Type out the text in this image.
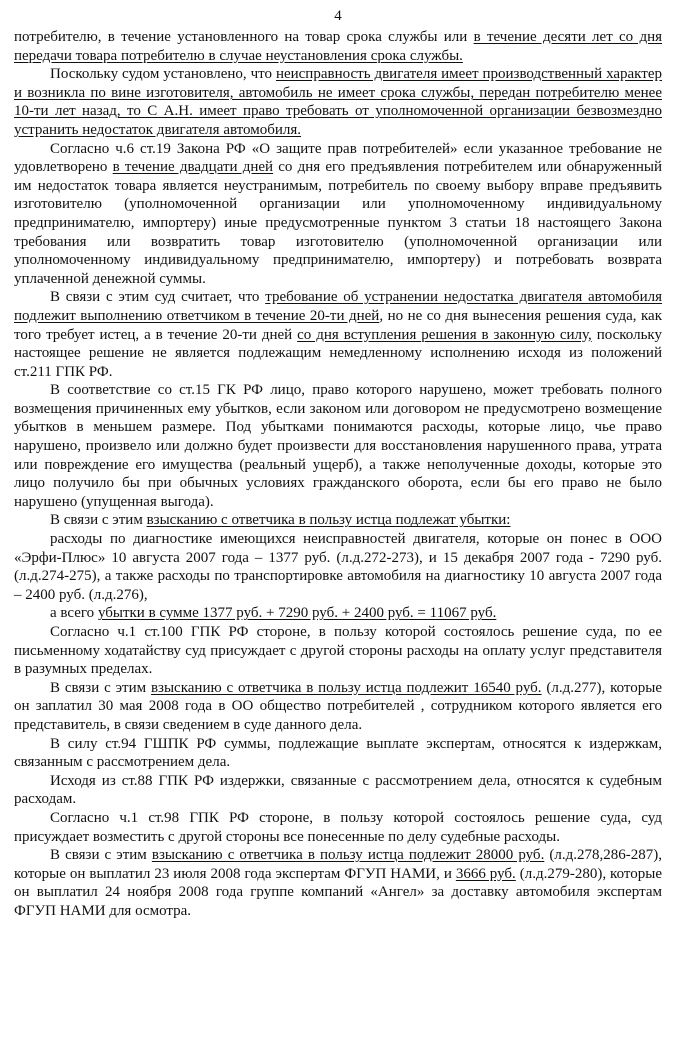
4

потребителю, в течение установленного на товар срока службы или в течение десяти лет со дня передачи товара потребителю в случае неустановления срока службы.

Поскольку судом установлено, что неисправность двигателя имеет производственный характер и возникла по вине изготовителя, автомобиль не имеет срока службы, передан потребителю менее 10-ти лет назад, то С А.Н. имеет право требовать от уполномоченной организации безвозмездно устранить недостаток двигателя автомобиля.

Согласно ч.6 ст.19 Закона РФ «О защите прав потребителей» если указанное требование не удовлетворено в течение двадцати дней со дня его предъявления потребителем или обнаруженный им недостаток товара является неустранимым, потребитель по своему выбору вправе предъявить изготовителю (уполномоченной организации или уполномоченному индивидуальному предпринимателю, импортеру) иные предусмотренные пунктом 3 статьи 18 настоящего Закона требования или возвратить товар изготовителю (уполномоченной организации или уполномоченному индивидуальному предпринимателю, импортеру) и потребовать возврата уплаченной денежной суммы.

В связи с этим суд считает, что требование об устранении недостатка двигателя автомобиля подлежит выполнению ответчиком в течение 20-ти дней, но не со дня вынесения решения суда, как того требует истец, а в течение 20-ти дней со дня вступления решения в законную силу, поскольку настоящее решение не является подлежащим немедленному исполнению исходя из положений ст.211 ГПК РФ.

В соответствие со ст.15 ГК РФ лицо, право которого нарушено, может требовать полного возмещения причиненных ему убытков, если законом или договором не предусмотрено возмещение убытков в меньшем размере. Под убытками понимаются расходы, которые лицо, чье право нарушено, произвело или должно будет произвести для восстановления нарушенного права, утрата или повреждение его имущества (реальный ущерб), а также неполученные доходы, которые это лицо получило бы при обычных условиях гражданского оборота, если бы его право не было нарушено (упущенная выгода).

В связи с этим взысканию с ответчика в пользу истца подлежат убытки:

расходы по диагностике имеющихся неисправностей двигателя, которые он понес в ООО «Эрфи-Плюс» 10 августа 2007 года – 1377 руб. (л.д.272-273), и 15 декабря 2007 года - 7290 руб. (л.д.274-275), а также расходы по транспортировке автомобиля на диагностику 10 августа 2007 года – 2400 руб. (л.д.276),

а всего убытки в сумме 1377 руб. + 7290 руб. + 2400 руб. = 11067 руб.

Согласно ч.1 ст.100 ГПК РФ стороне, в пользу которой состоялось решение суда, по ее письменному ходатайству суд присуждает с другой стороны расходы на оплату услуг представителя в разумных пределах.

В связи с этим взысканию с ответчика в пользу истца подлежит 16540 руб. (л.д.277), которые он заплатил 30 мая 2008 года в ОО общество потребителей , сотрудником которого является его представитель, в связи сведением в суде данного дела.

В силу ст.94 ГШПК РФ суммы, подлежащие выплате экспертам, относятся к издержкам, связанным с рассмотрением дела.

Исходя из ст.88 ГПК РФ издержки, связанные с рассмотрением дела, относятся к судебным расходам.

Согласно ч.1 ст.98 ГПК РФ стороне, в пользу которой состоялось решение суда, суд присуждает возместить с другой стороны все понесенные по делу судебные расходы.

В связи с этим взысканию с ответчика в пользу истца подлежит 28000 руб. (л.д.278,286-287), которые он выплатил 23 июля 2008 года экспертам ФГУП НАМИ, и 3666 руб. (л.д.279-280), которые он выплатил 24 ноября 2008 года группе компаний «Ангел» за доставку автомобиля экспертам ФГУП НАМИ для осмотра.
